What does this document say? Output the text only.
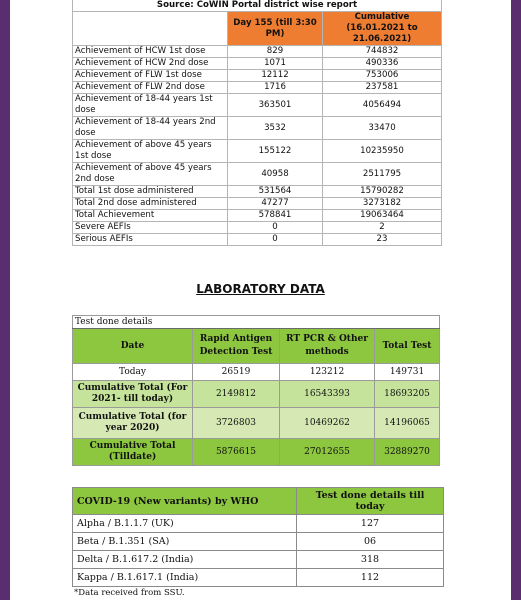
Source: CoWIN Portal district wise report		
	Day 155 (till 3:30 PM)	Cumulative (16.01.2021 to 21.06.2021)
Achievement of HCW 1st dose	829	744832
Achievement of HCW 2nd dose	1071	490336
Achievement of FLW 1st dose	12112	753006
Achievement of FLW 2nd dose	1716	237581
Achievement of 18-44 years 1st dose	363501	4056494
Achievement of 18-44 years 2nd dose	3532	33470
Achievement of above 45 years 1st dose	155122	10235950
Achievement of above 45 years 2nd dose	40958	2511795
Total 1st dose administered	531564	15790282
Total 2nd dose administered	47277	3273182
Total Achievement	578841	19063464
Severe AEFIs	0	2
Serious AEFIs	0	23
LABORATORY DATA
Test done details			
Date	Rapid Antigen Detection Test	RT PCR & Other methods	Total Test
Today	26519	123212	149731
Cumulative Total (For 2021- till today)	2149812	16543393	18693205
Cumulative Total (for year 2020)	3726803	10469262	14196065
Cumulative Total (Tilldate)	5876615	27012655	32889270

COVID-19 (New variants) by WHO	Test done details till today
Alpha / B.1.1.7 (UK)	127
Beta / B.1.351 (SA)	06
Delta / B.1.617.2 (India)	318
Kappa / B.1.617.1 (India)	112
*Data received from SSU.
